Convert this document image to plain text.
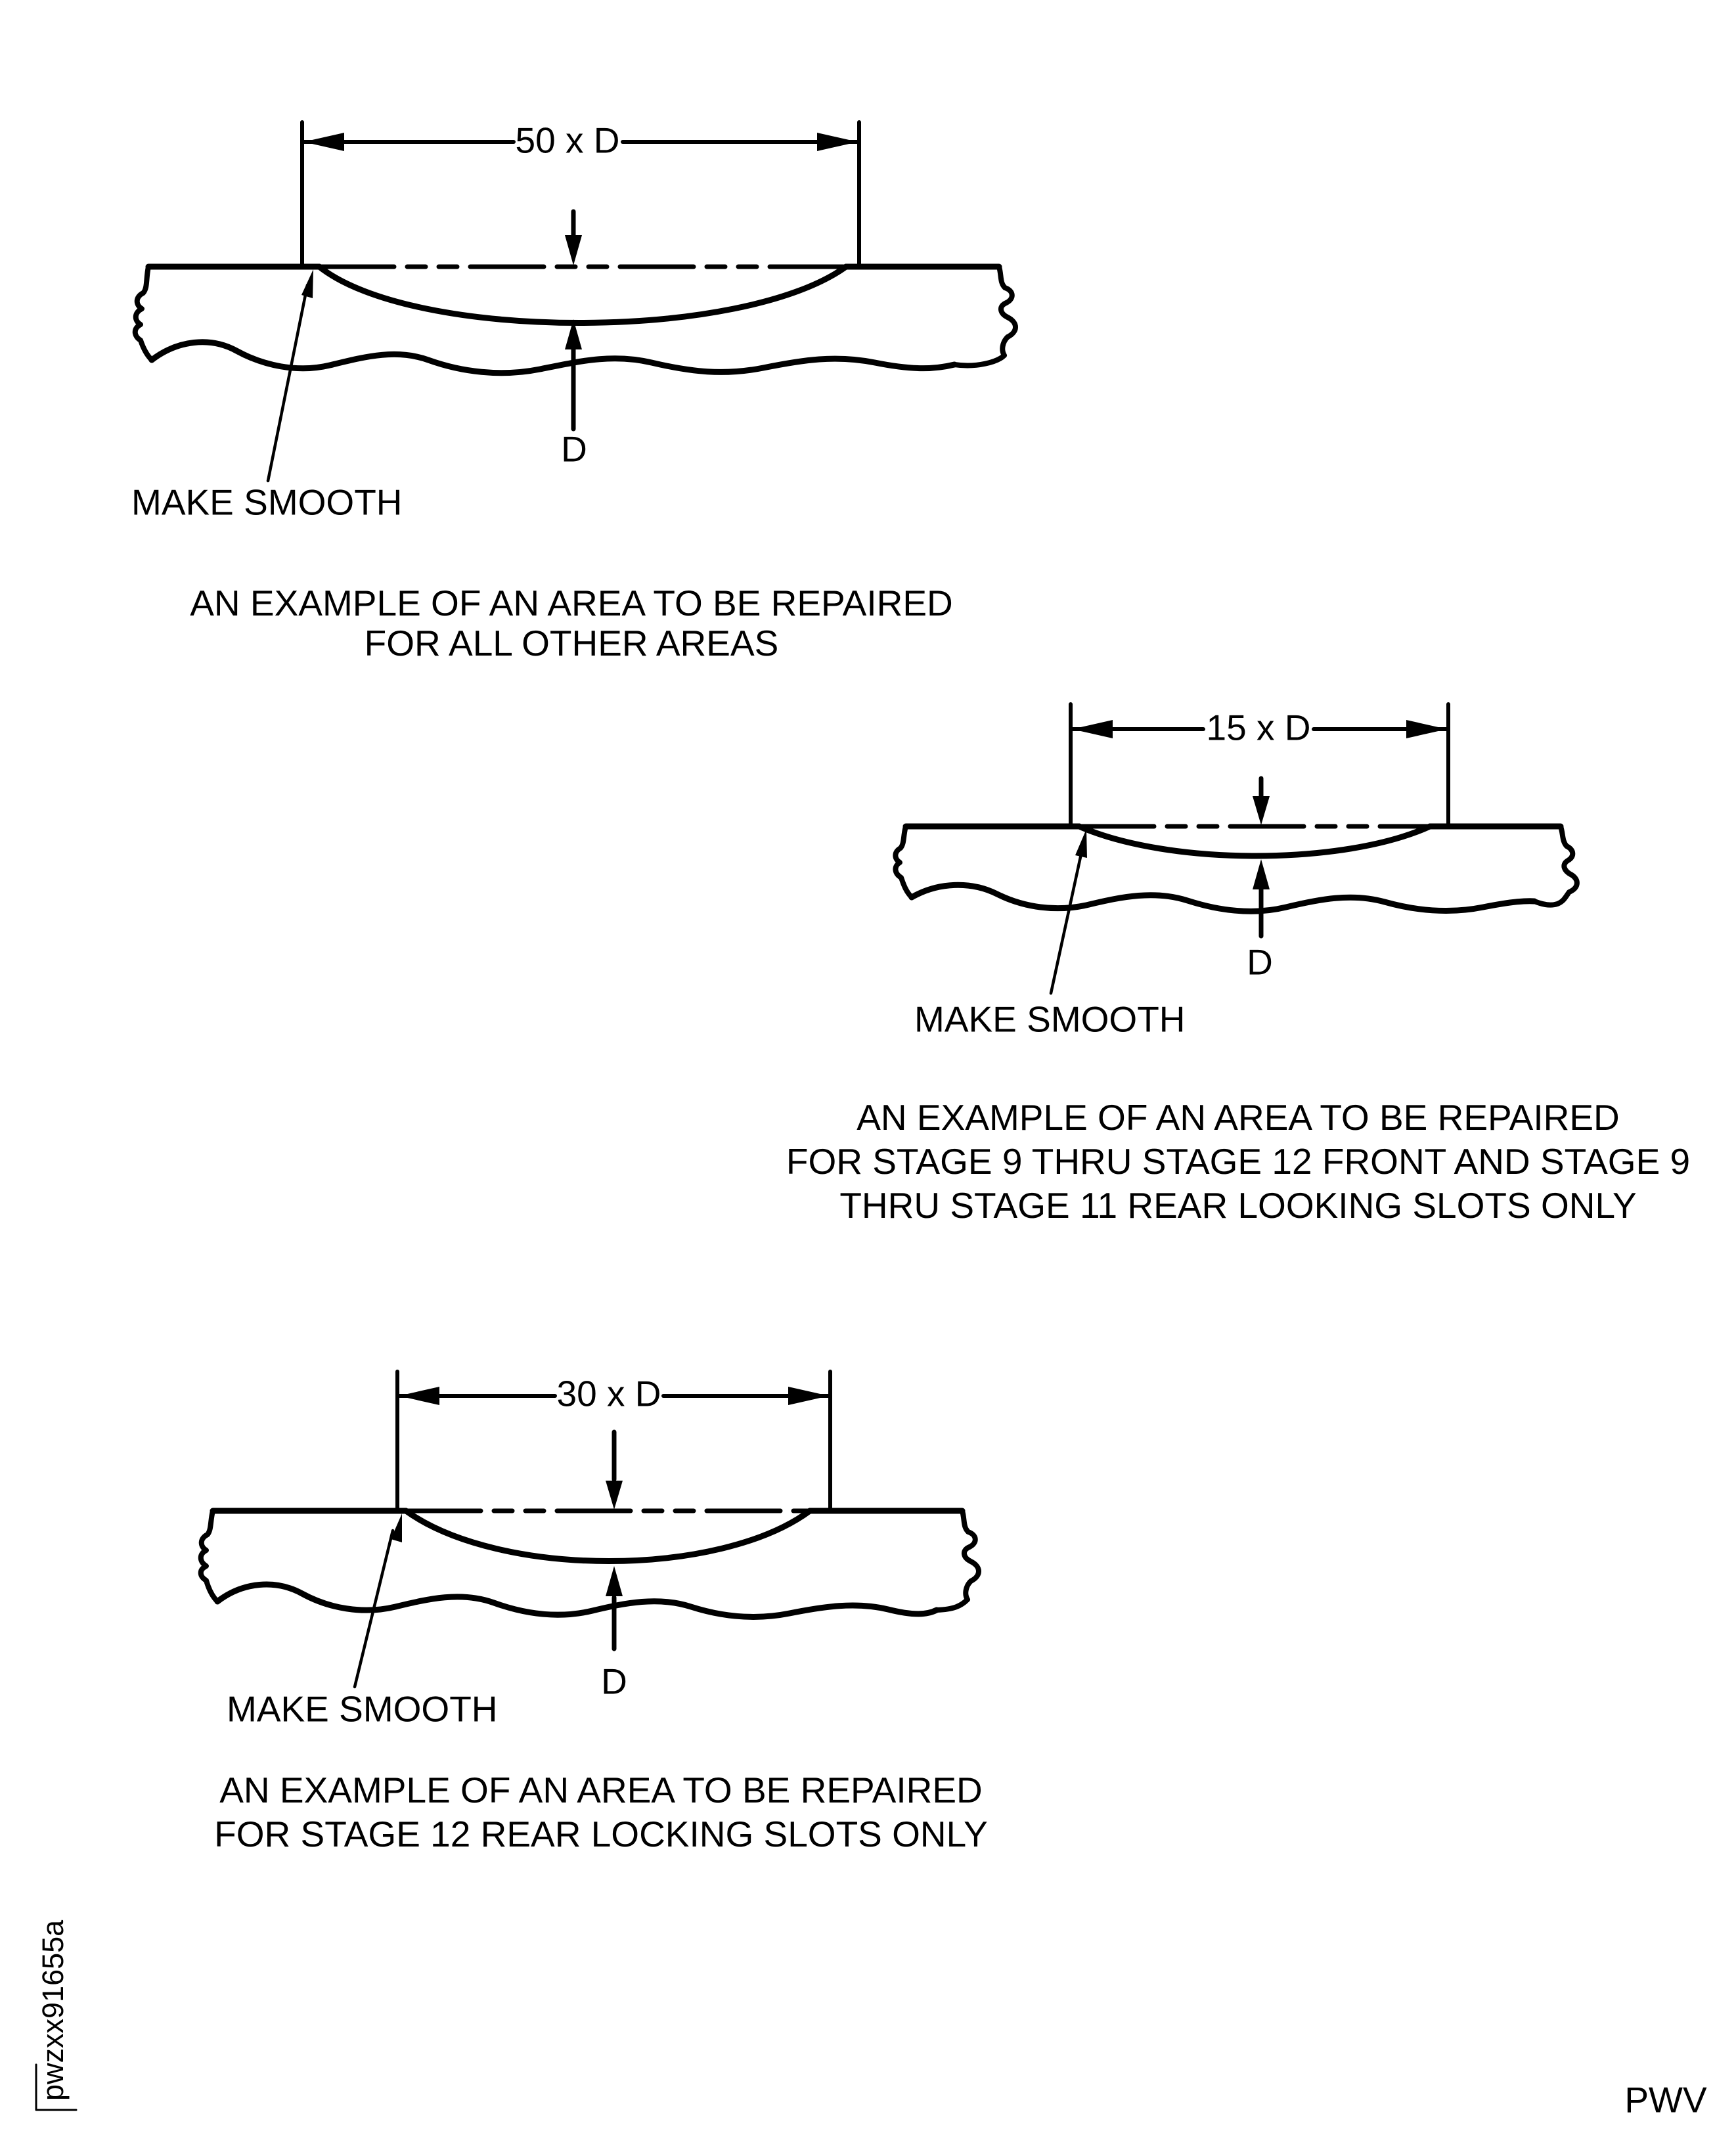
50 x D
D
MAKE SMOOTH
AN EXAMPLE OF AN AREA TO BE REPAIRED
FOR ALL OTHER AREAS
15 x D
D
MAKE SMOOTH
AN EXAMPLE OF AN AREA TO BE REPAIRED
FOR STAGE 9 THRU STAGE 12 FRONT AND STAGE 9
THRU STAGE 11 REAR LOOKING SLOTS ONLY
30 x D
D
MAKE SMOOTH
AN EXAMPLE OF AN AREA TO BE REPAIRED
FOR STAGE 12 REAR LOCKING SLOTS ONLY
pwzxx91655a	PWV
